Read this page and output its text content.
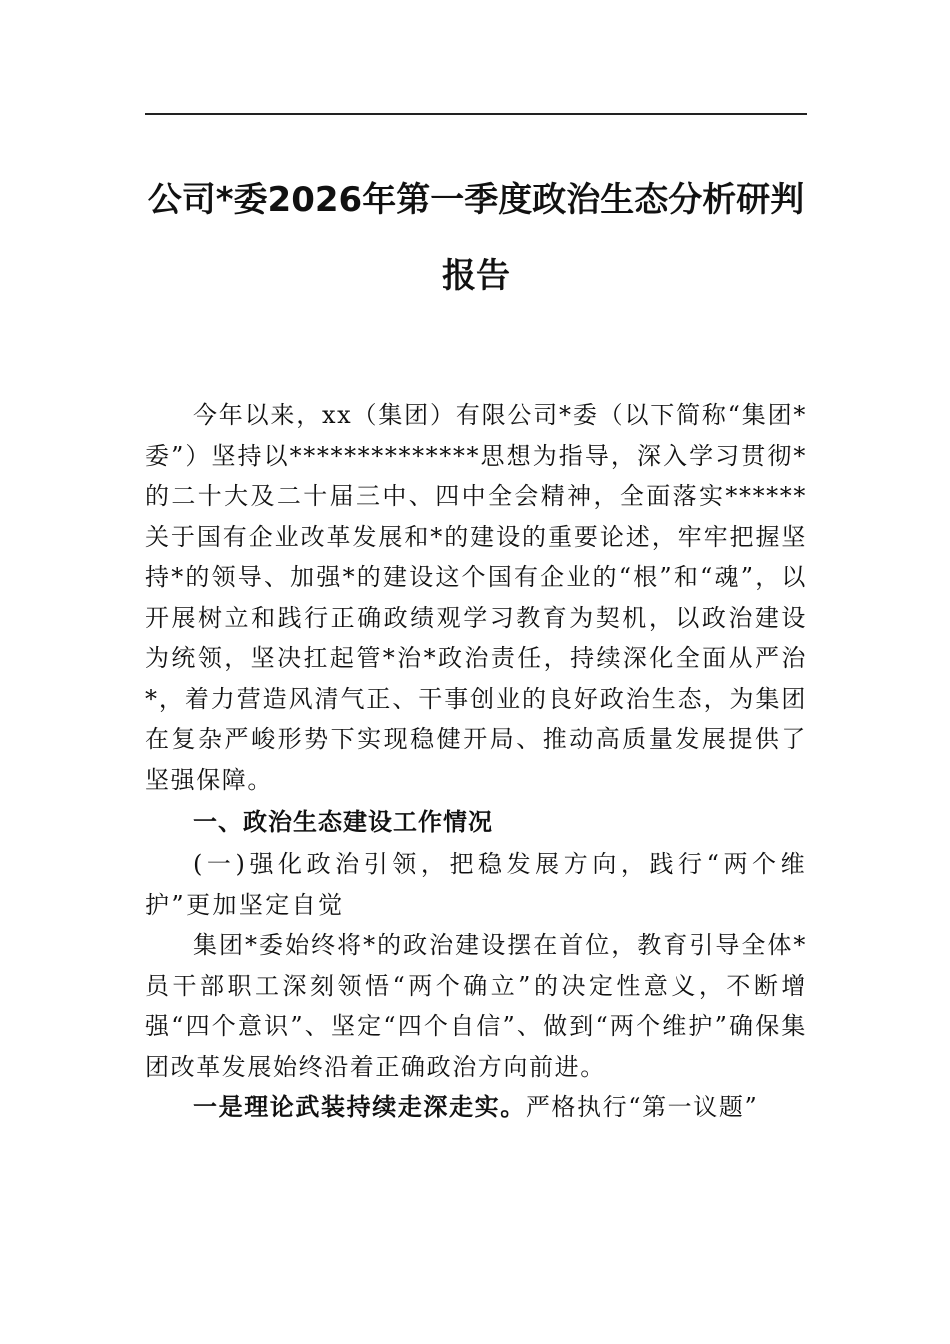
公司*委2026年第一季度政治生态分析研判报告

今年以来，xx（集团）有限公司*委（以下简称“集团*委”）坚持以**************思想为指导，深入学习贯彻*的二十大及二十届三中、四中全会精神，全面落实******关于国有企业改革发展和*的建设的重要论述，牢牢把握坚持*的领导、加强*的建设这个国有企业的“根”和“魂”，以开展树立和践行正确政绩观学习教育为契机，以政治建设为统领，坚决扛起管*治*政治责任，持续深化全面从严治*，着力营造风清气正、干事创业的良好政治生态，为集团在复杂严峻形势下实现稳健开局、推动高质量发展提供了坚强保障。

一、政治生态建设工作情况

(一)强化政治引领，把稳发展方向，践行“两个维护”更加坚定自觉

集团*委始终将*的政治建设摆在首位，教育引导全体*员干部职工深刻领悟“两个确立”的决定性意义，不断增强“四个意识”、坚定“四个自信”、做到“两个维护”确保集团改革发展始终沿着正确政治方向前进。

一是理论武装持续走深走实。严格执行“第一议题”
